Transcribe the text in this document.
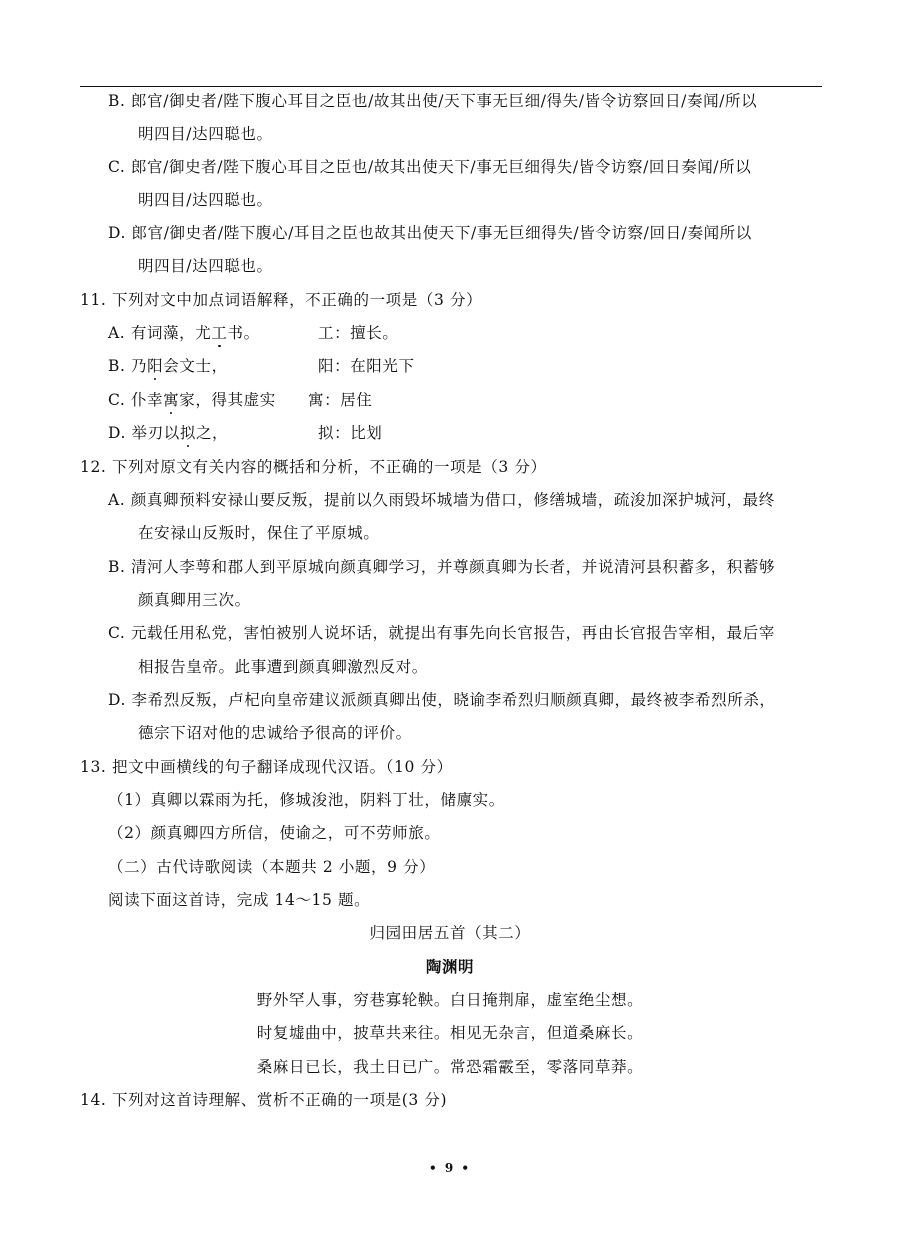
B. 郎官/御史者/陛下腹心耳目之臣也/故其出使/天下事无巨细/得失/皆令访察回日/奏闻/所以
明四目/达四聪也。
C. 郎官/御史者/陛下腹心耳目之臣也/故其出使天下/事无巨细得失/皆令访察/回日奏闻/所以
明四目/达四聪也。
D. 郎官/御史者/陛下腹心/耳目之臣也故其出使天下/事无巨细得失/皆令访察/回日/奏闻所以
明四目/达四聪也。
11. 下列对文中加点词语解释，不正确的一项是（3 分）
A. 有词藻，尤工书。	工：擅长。
B. 乃阳会文士，	阳：在阳光下
C. 仆幸寓家，得其虚实 寓：居住
D. 举刃以拟之，	拟：比划
12. 下列对原文有关内容的概括和分析，不正确的一项是（3 分）
A. 颜真卿预料安禄山要反叛，提前以久雨毁坏城墙为借口，修缮城墙，疏浚加深护城河，最终
在安禄山反叛时，保住了平原城。
B. 清河人李萼和郡人到平原城向颜真卿学习，并尊颜真卿为长者，并说清河县积蓄多，积蓄够
颜真卿用三次。
C. 元载任用私党，害怕被别人说坏话，就提出有事先向长官报告，再由长官报告宰相，最后宰
相报告皇帝。此事遭到颜真卿激烈反对。
D. 李希烈反叛，卢杞向皇帝建议派颜真卿出使，晓谕李希烈归顺颜真卿，最终被李希烈所杀，
德宗下诏对他的忠诚给予很高的评价。
13. 把文中画横线的句子翻译成现代汉语。（10 分）
（1）真卿以霖雨为托，修城浚池，阴料丁壮，储廪实。
（2）颜真卿四方所信，使谕之，可不劳师旅。
（二）古代诗歌阅读（本题共 2 小题，9 分）
阅读下面这首诗，完成 14～15 题。
归园田居五首（其二）
陶渊明
野外罕人事，穷巷寡轮鞅。白日掩荆扉，虚室绝尘想。
时复墟曲中，披草共来往。相见无杂言，但道桑麻长。
桑麻日已长，我土日已广。常恐霜霰至，零落同草莽。
14. 下列对这首诗理解、赏析不正确的一项是(3 分)
• 9 •
